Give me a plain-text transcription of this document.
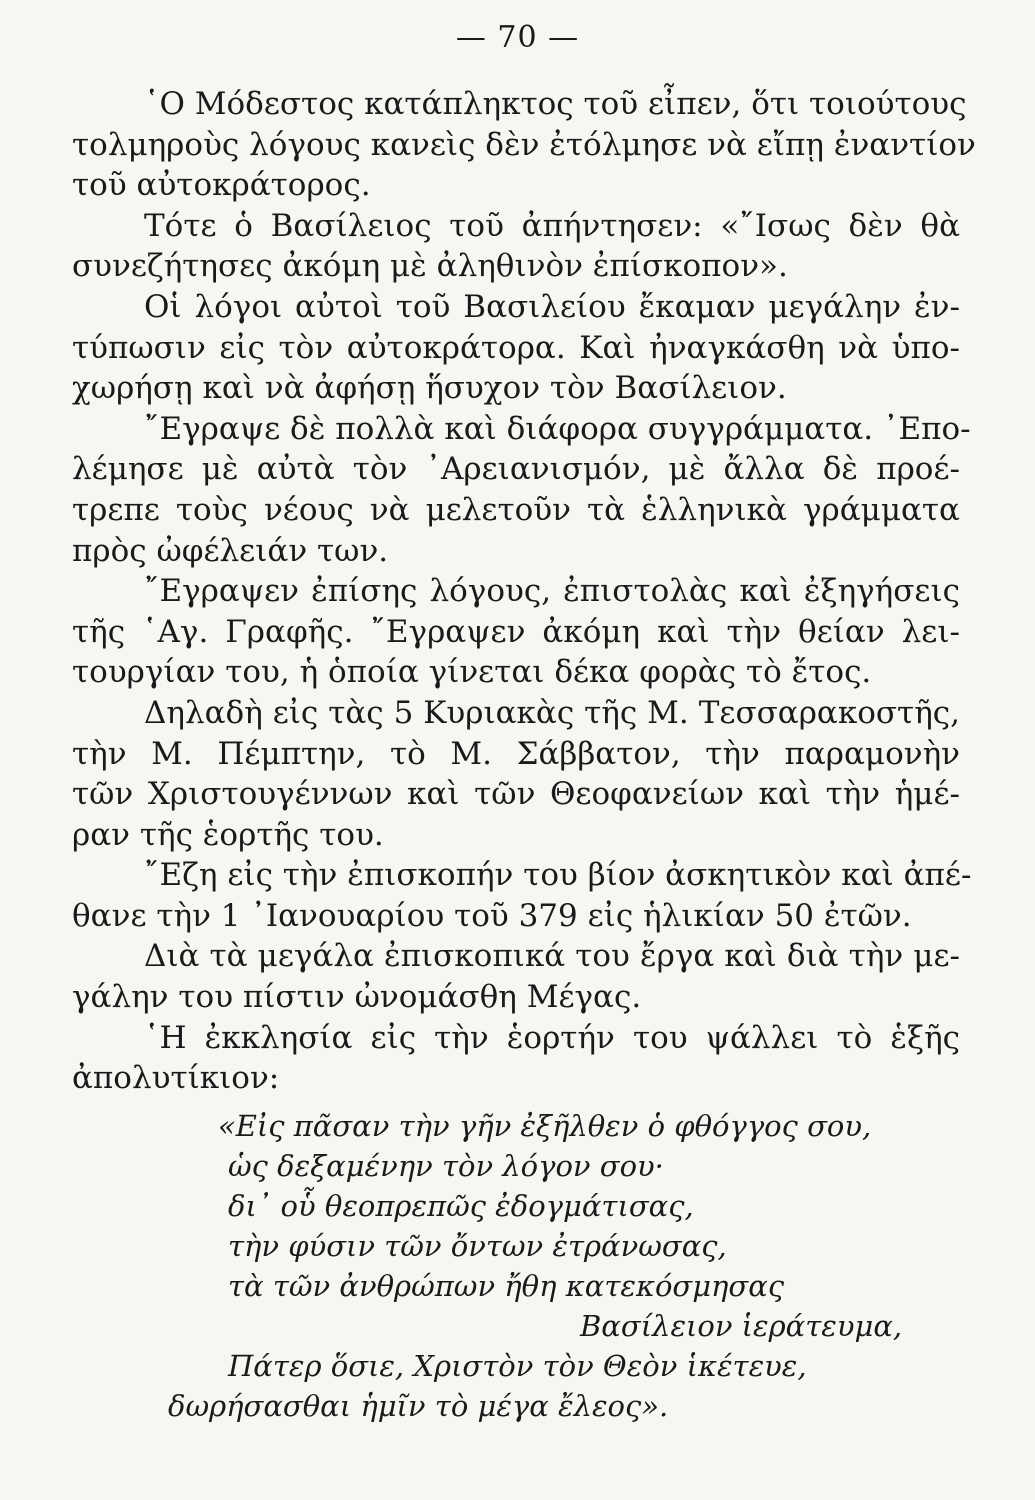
— 70 —
῾Ο Μόδεστος κατάπληκτος τοῦ εἶπεν, ὅτι τοιούτους
τολμηροὺς λόγους κανεὶς δὲν ἐτόλμησε νὰ εἴπῃ ἐναντίον
τοῦ αὐτοκράτορος.
Τότε ὁ Βασίλειος τοῦ ἀπήντησεν: «῎Ισως δὲν θὰ
συνεζήτησες ἀκόμη μὲ ἀληθινὸν ἐπίσκοπον».
Οἱ λόγοι αὐτοὶ τοῦ Βασιλείου ἔκαμαν μεγάλην ἐν-
τύπωσιν εἰς τὸν αὐτοκράτορα. Καὶ ἠναγκάσθη νὰ ὑπο-
χωρήσῃ καὶ νὰ ἀφήσῃ ἥσυχον τὸν Βασίλειον.
῎Εγραψε δὲ πολλὰ καὶ διάφορα συγγράμματα. ᾿Επο-
λέμησε μὲ αὐτὰ τὸν ᾿Αρειανισμόν, μὲ ἄλλα δὲ προέ-
τρεπε τοὺς νέους νὰ μελετοῦν τὰ ἑλληνικὰ γράμματα
πρὸς ὠφέλειάν των.
῎Εγραψεν ἐπίσης λόγους, ἐπιστολὰς καὶ ἐξηγήσεις
τῆς ῾Αγ. Γραφῆς. ῎Εγραψεν ἀκόμη καὶ τὴν θείαν λει-
τουργίαν του, ἡ ὁποία γίνεται δέκα φορὰς τὸ ἔτος.
Δηλαδὴ εἰς τὰς 5 Κυριακὰς τῆς Μ. Τεσσαρακοστῆς,
τὴν Μ. Πέμπτην, τὸ Μ. Σάββατον, τὴν παραμονὴν
τῶν Χριστουγέννων καὶ τῶν Θεοφανείων καὶ τὴν ἡμέ-
ραν τῆς ἑορτῆς του.
῎Εζη εἰς τὴν ἐπισκοπήν του βίον ἀσκητικὸν καὶ ἀπέ-
θανε τὴν 1 ᾿Ιανουαρίου τοῦ 379 εἰς ἡλικίαν 50 ἐτῶν.
Διὰ τὰ μεγάλα ἐπισκοπικά του ἔργα καὶ διὰ τὴν με-
γάλην του πίστιν ὠνομάσθη Μέγας.
῾Η ἐκκλησία εἰς τὴν ἑορτήν του ψάλλει τὸ ἑξῆς
ἀπολυτίκιον:
«Εἰς πᾶσαν τὴν γῆν ἐξῆλθεν ὁ φθόγγος σου,
ὡς δεξαμένην τὸν λόγον σου·
δι᾿ οὗ θεοπρεπῶς ἐδογμάτισας,
τὴν φύσιν τῶν ὄντων ἐτράνωσας,
τὰ τῶν ἀνθρώπων ἤθη κατεκόσμησας
Βασίλειον ἱεράτευμα,
Πάτερ ὅσιε, Χριστὸν τὸν Θεὸν ἱκέτευε,
δωρήσασθαι ἡμῖν τὸ μέγα ἔλεος».
